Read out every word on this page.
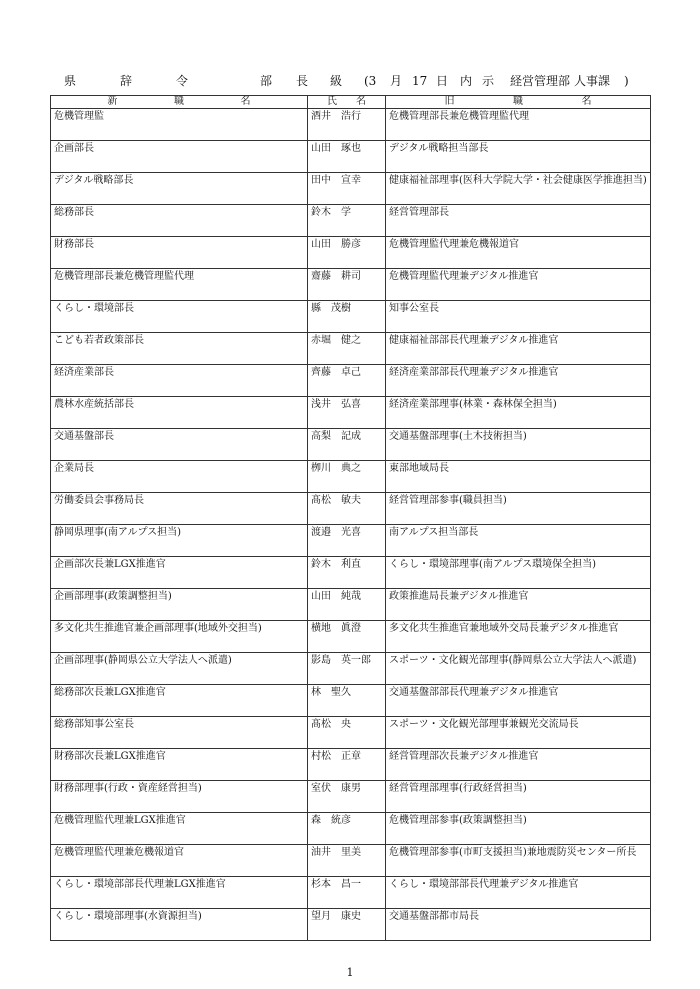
県	辞	令	部 長 級 (3 月 17 日 内 示 経営管理部 人事課 )
新 職 名	氏 名	旧 職 名

危機管理監	酒井 浩行	危機管理部長兼危機管理監代理
企画部長	山田 琢也	デジタル戦略担当部長
デジタル戦略部長	田中 宣幸	健康福祉部理事(医科大学院大学・社会健康医学推進担当)
総務部長	鈴木 学	経営管理部長
財務部長	山田 勝彦	危機管理監代理兼危機報道官
危機管理部長兼危機管理監代理	齋藤 耕司	危機管理監代理兼デジタル推進官
くらし・環境部長	縣 茂樹	知事公室長
こども若者政策部長	赤堀 健之	健康福祉部部長代理兼デジタル推進官
経済産業部長	齊藤 卓己	経済産業部部長代理兼デジタル推進官
農林水産統括部長	浅井 弘喜	経済産業部理事(林業・森林保全担当)
交通基盤部長	高梨 記成	交通基盤部理事(土木技術担当)
企業局長	栁川 典之	東部地域局長
労働委員会事務局長	髙松 敏夫	経営管理部参事(職員担当)
静岡県理事(南アルプス担当)	渡邉 光喜	南アルプス担当部長
企画部次長兼LGX推進官	鈴木 利直	くらし・環境部理事(南アルプス環境保全担当)
企画部理事(政策調整担当)	山田 純哉	政策推進局長兼デジタル推進官
多文化共生推進官兼企画部理事(地域外交担当)	横地 眞澄	多文化共生推進官兼地域外交局長兼デジタル推進官
企画部理事(静岡県公立大学法人へ派遣)	影島 英一郎	スポーツ・文化観光部理事(静岡県公立大学法人へ派遣)
総務部次長兼LGX推進官	林 聖久	交通基盤部部長代理兼デジタル推進官
総務部知事公室長	髙松 央	スポーツ・文化観光部理事兼観光交流局長
財務部次長兼LGX推進官	村松 正章	経営管理部次長兼デジタル推進官
財務部理事(行政・資産経営担当)	室伏 康男	経営管理部理事(行政経営担当)
危機管理監代理兼LGX推進官	森 統彦	危機管理部参事(政策調整担当)
危機管理監代理兼危機報道官	油井 里美	危機管理部参事(市町支援担当)兼地震防災センター所長
くらし・環境部部長代理兼LGX推進官	杉本 昌一	くらし・環境部部長代理兼デジタル推進官
くらし・環境部理事(水資源担当)	望月 康史	交通基盤部都市局長
1
